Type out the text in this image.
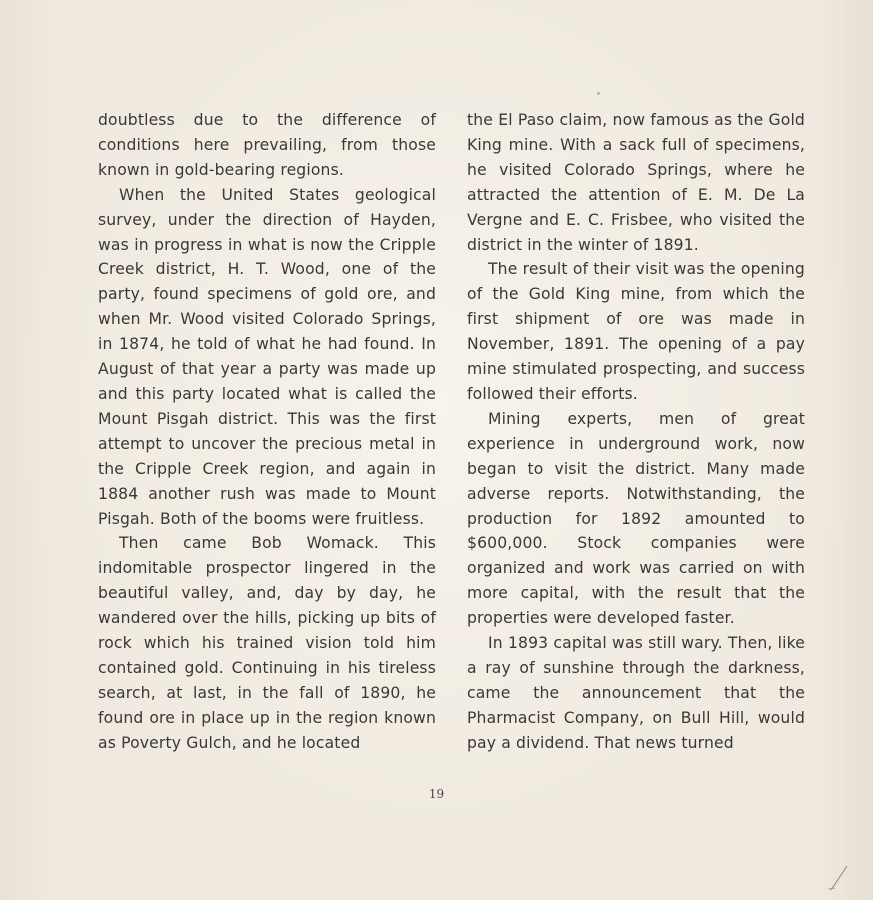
doubtless due to the difference of conditions here prevailing, from those known in gold-bearing regions.

When the United States geological survey, under the direction of Hayden, was in progress in what is now the Cripple Creek district, H. T. Wood, one of the party, found specimens of gold ore, and when Mr. Wood visited Colorado Springs, in 1874, he told of what he had found. In August of that year a party was made up and this party located what is called the Mount Pisgah district. This was the first attempt to uncover the precious metal in the Cripple Creek region, and again in 1884 another rush was made to Mount Pisgah. Both of the booms were fruitless.

Then came Bob Womack. This indomitable prospector lingered in the beautiful valley, and, day by day, he wandered over the hills, picking up bits of rock which his trained vision told him contained gold. Continuing in his tireless search, at last, in the fall of 1890, he found ore in place up in the region known as Poverty Gulch, and he located

the El Paso claim, now famous as the Gold King mine. With a sack full of specimens, he visited Colorado Springs, where he attracted the attention of E. M. De La Vergne and E. C. Frisbee, who visited the district in the winter of 1891.

The result of their visit was the opening of the Gold King mine, from which the first shipment of ore was made in November, 1891. The opening of a pay mine stimulated prospecting, and success followed their efforts.

Mining experts, men of great experience in underground work, now began to visit the district. Many made adverse reports. Notwithstanding, the production for 1892 amounted to $600,000. Stock companies were organized and work was carried on with more capital, with the result that the properties were developed faster.

In 1893 capital was still wary. Then, like a ray of sunshine through the darkness, came the announcement that the Pharmacist Company, on Bull Hill, would pay a dividend. That news turned

19
